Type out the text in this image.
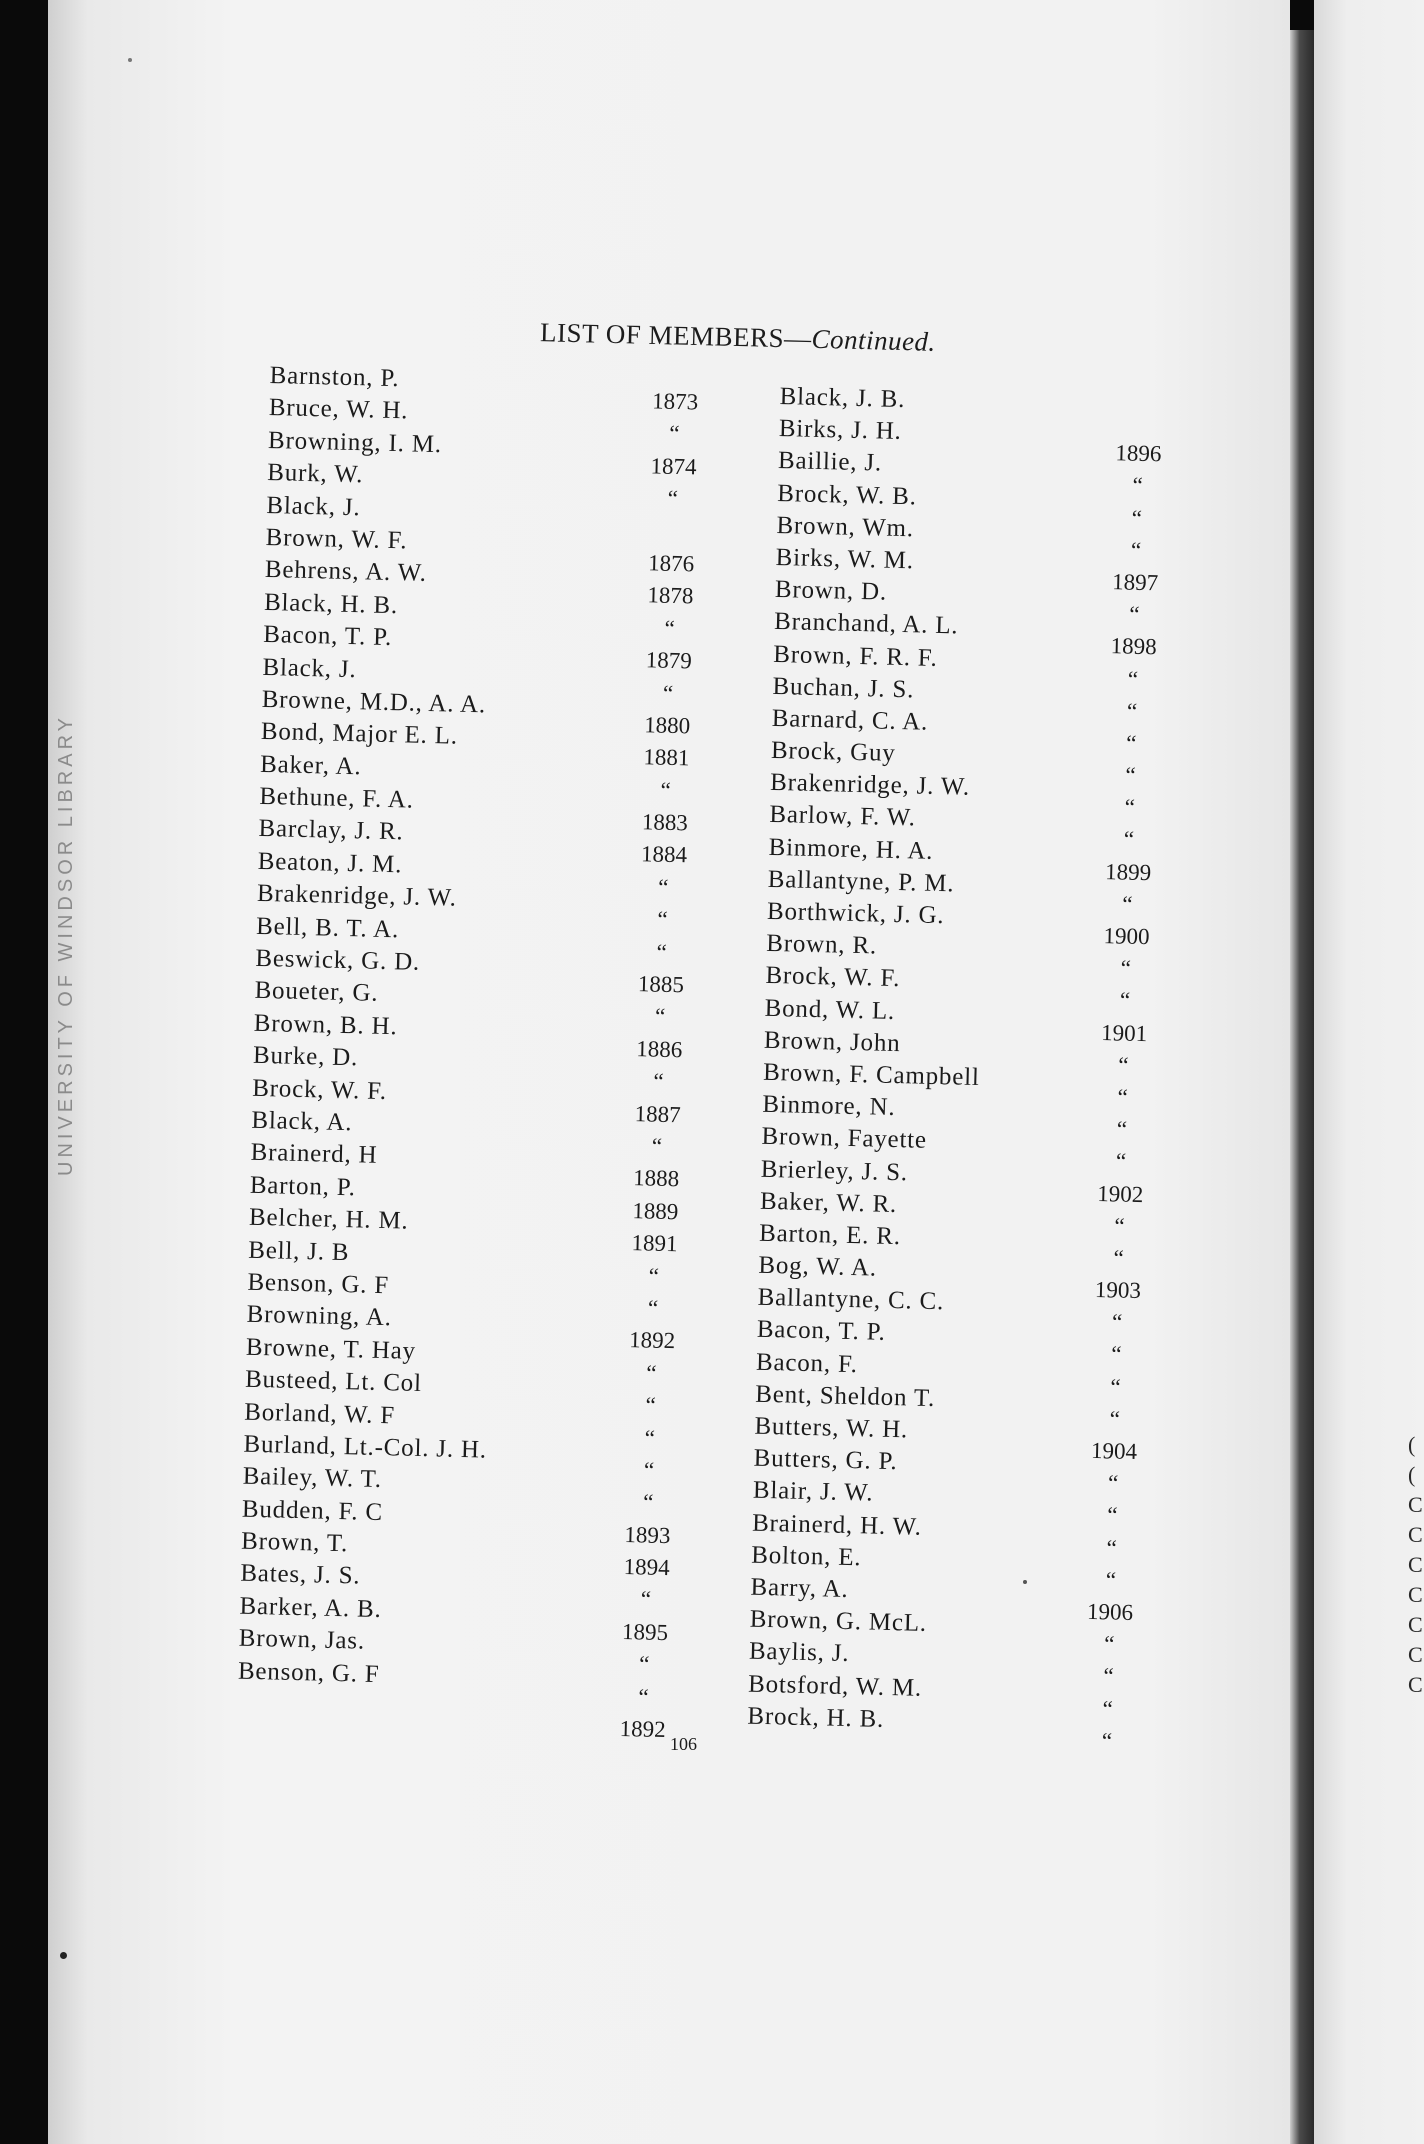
UNIVERSITY OF WINDSOR LIBRARY
LIST OF MEMBERS—Continued.
Barnston, P.
1873
Bruce, W. H.
“
Browning, I. M.
1874
Burk, W.
“
Black, J.
Brown, W. F.
1876
Behrens, A. W.
1878
Black, H. B.
“
Bacon, T. P.
1879
Black, J.
“
Browne, M.D., A. A.
1880
Bond, Major E. L.
1881
Baker, A.
“
Bethune, F. A.
1883
Barclay, J. R.
1884
Beaton, J. M.
“
Brakenridge, J. W.
“
Bell, B. T. A.
“
Beswick, G. D.
1885
Boueter, G.
“
Brown, B. H.
1886
Burke, D.
“
Brock, W. F.
1887
Black, A.
“
Brainerd, H
1888
Barton, P.
1889
Belcher, H. M.
1891
Bell, J. B
“
Benson, G. F
“
Browning, A.
1892
Browne, T. Hay
“
Busteed, Lt. Col
“
Borland, W. F
“
Burland, Lt.-Col. J. H.
“
Bailey, W. T.
“
Budden, F. C
1893
Brown, T.
1894
Bates, J. S.
“
Barker, A. B.
1895
Brown, Jas.
“
Benson, G. F
“
1892
Black, J. B.
Birks, J. H.
1896
Baillie, J.
“
Brock, W. B.
“
Brown, Wm.
“
Birks, W. M.
1897
Brown, D.
“
Branchand, A. L.
1898
Brown, F. R. F.
“
Buchan, J. S.
“
Barnard, C. A.
“
Brock, Guy
“
Brakenridge, J. W.
“
Barlow, F. W.
“
Binmore, H. A.
1899
Ballantyne, P. M.
“
Borthwick, J. G.
1900
Brown, R.
“
Brock, W. F.
“
Bond, W. L.
1901
Brown, John
“
Brown, F. Campbell
“
Binmore, N.
“
Brown, Fayette
“
Brierley, J. S.
1902
Baker, W. R.
“
Barton, E. R.
“
Bog, W. A.
1903
Ballantyne, C. C.
“
Bacon, T. P.
“
Bacon, F.
“
Bent, Sheldon T.
“
Butters, W. H.
1904
Butters, G. P.
“
Blair, J. W.
“
Brainerd, H. W.
“
Bolton, E.
“
Barry, A.
1906
Brown, G. McL.
“
Baylis, J.
“
Botsford, W. M.
“
Brock, H. B.
“
106
(
(
C
C
C
C
C
C
C
